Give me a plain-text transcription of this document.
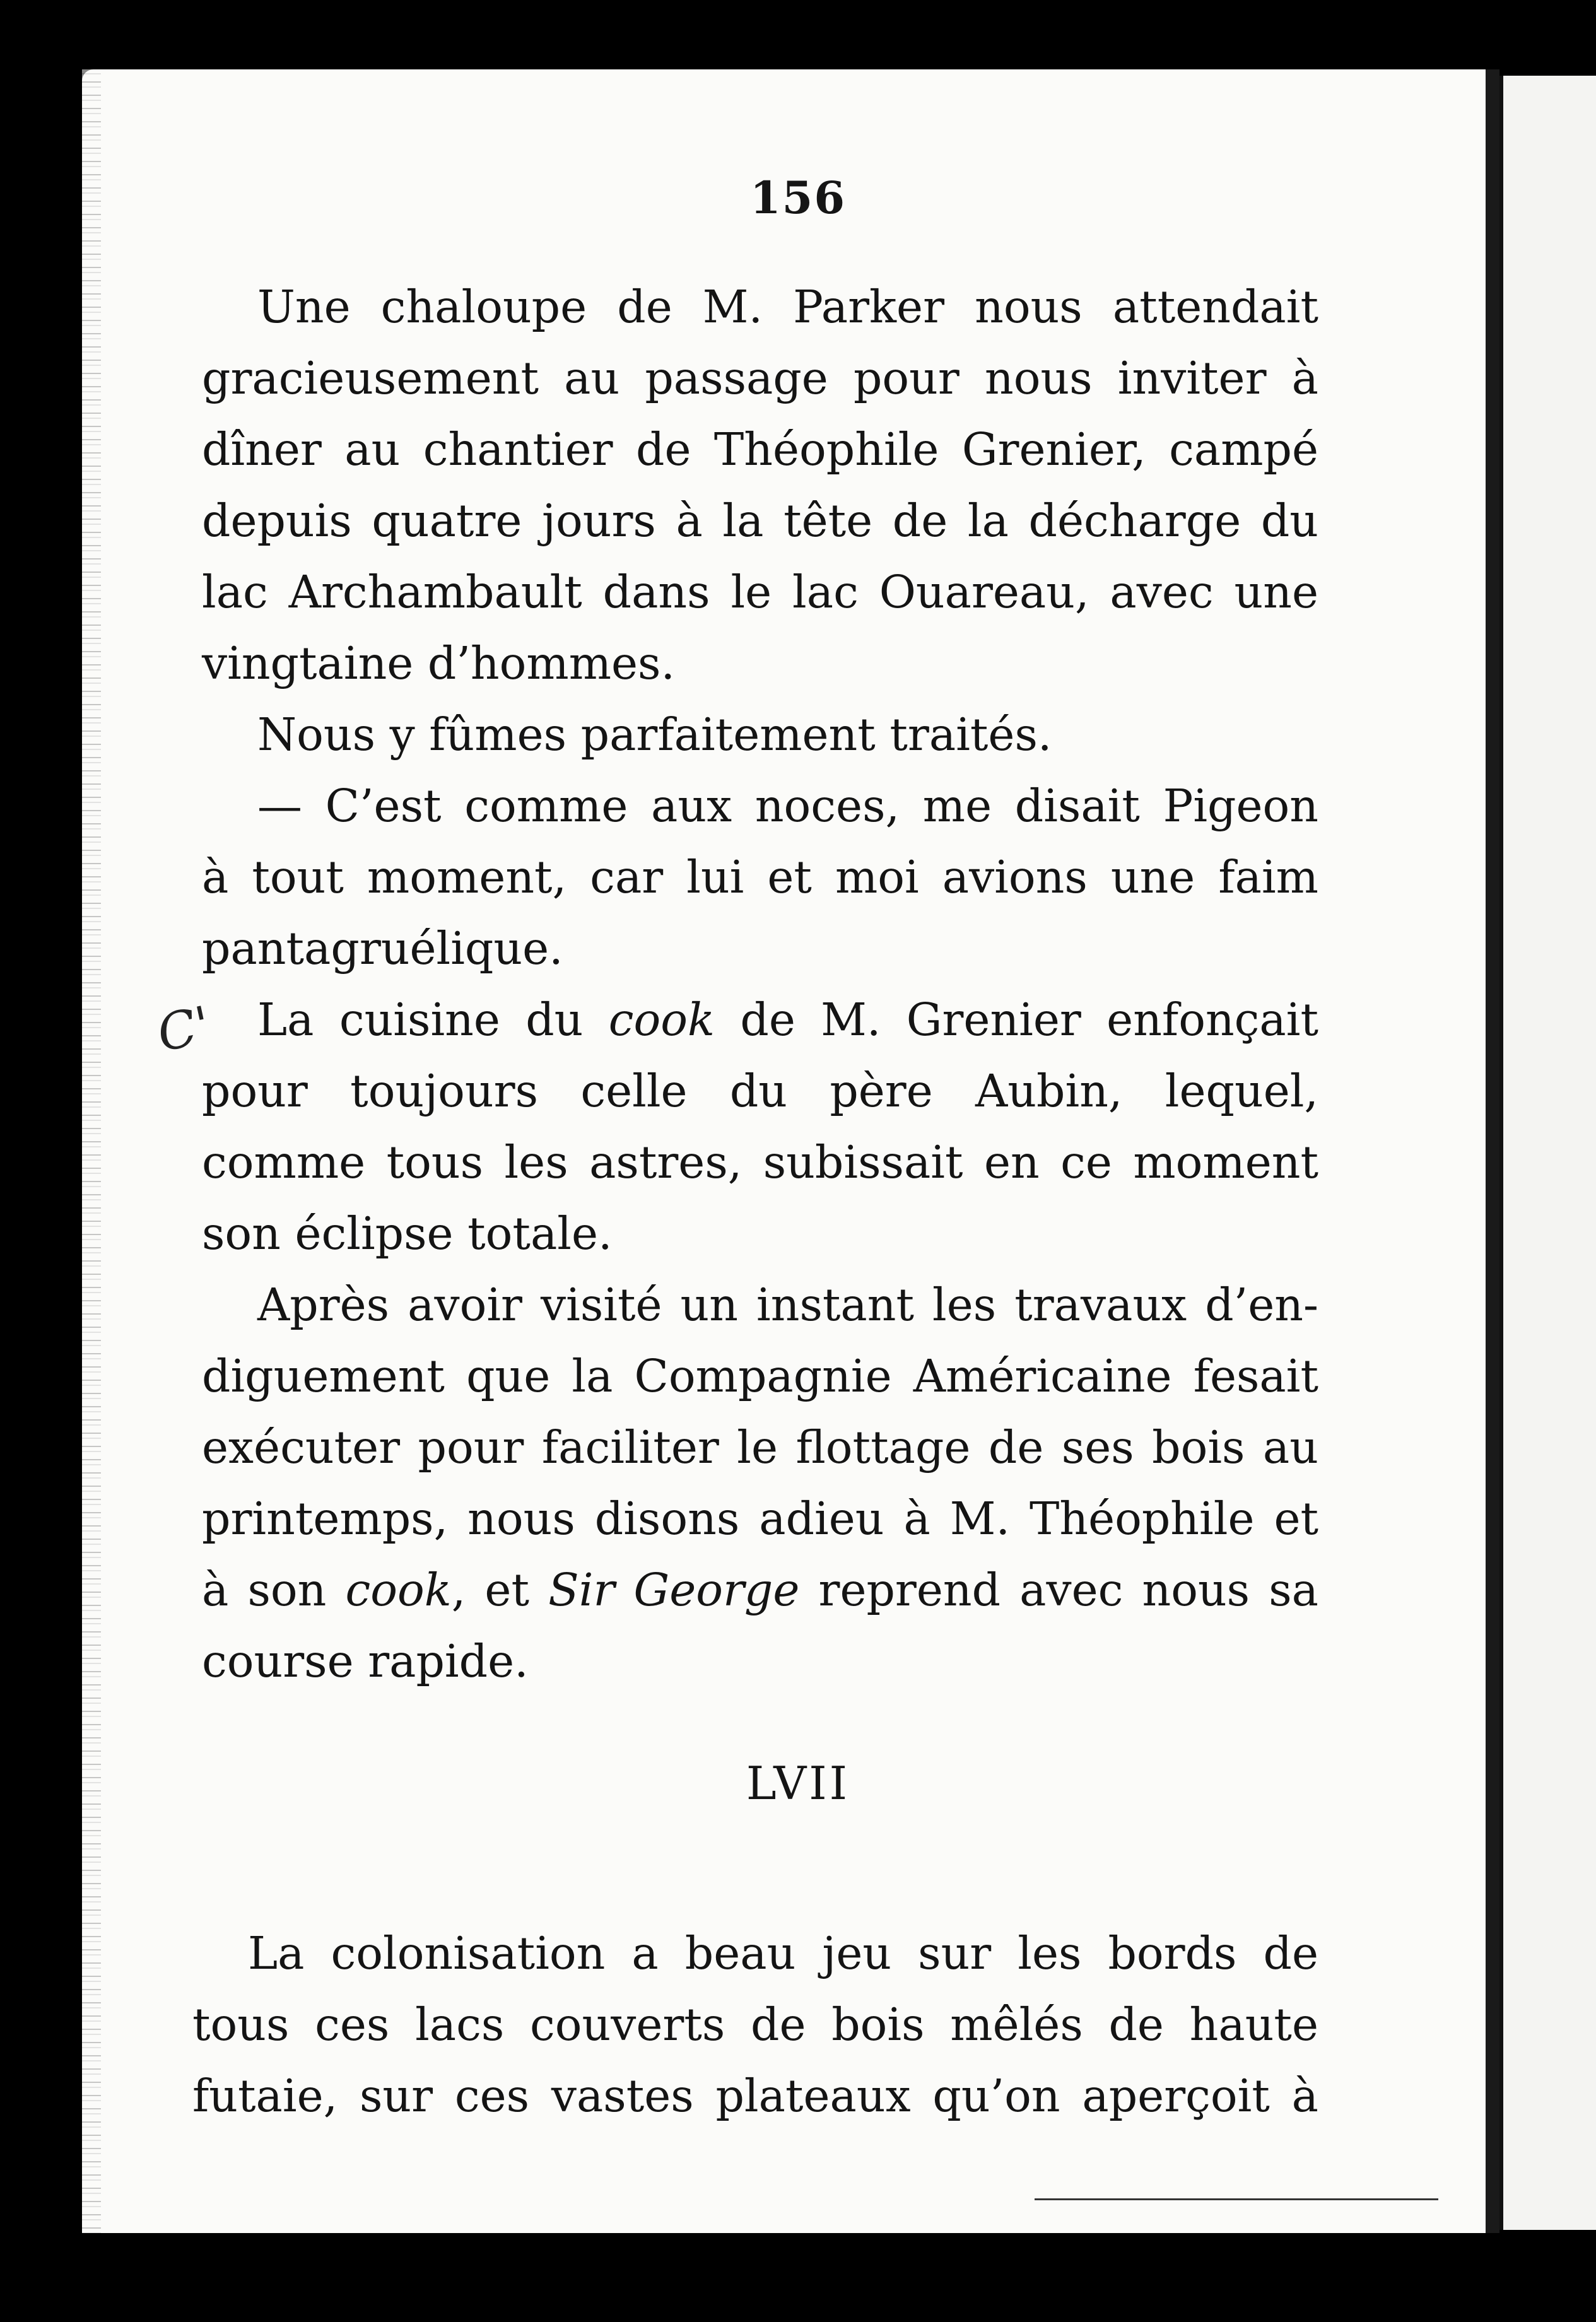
156
Une chaloupe de M. Parker nous attendait
gracieusement au passage pour nous inviter à
dîner au chantier de Théophile Grenier, campé
depuis quatre jours à la tête de la décharge du
lac Archambault dans le lac Ouareau, avec une
vingtaine d’hommes.
Nous y fûmes parfaitement traités.
— C’est comme aux noces, me disait Pigeon
à tout moment, car lui et moi avions une faim
pantagruélique.
La cuisine du cook de M. Grenier enfonçait
pour toujours celle du père Aubin, lequel,
comme tous les astres, subissait en ce moment
son éclipse totale.
C'
Après avoir visité un instant les travaux d’en-
diguement que la Compagnie Américaine fesait
exécuter pour faciliter le flottage de ses bois au
printemps, nous disons adieu à M. Théophile et
à son cook, et Sir George reprend avec nous sa
course rapide.
LVII
La colonisation a beau jeu sur les bords de
tous ces lacs couverts de bois mêlés de haute
futaie, sur ces vastes plateaux qu’on aperçoit à
